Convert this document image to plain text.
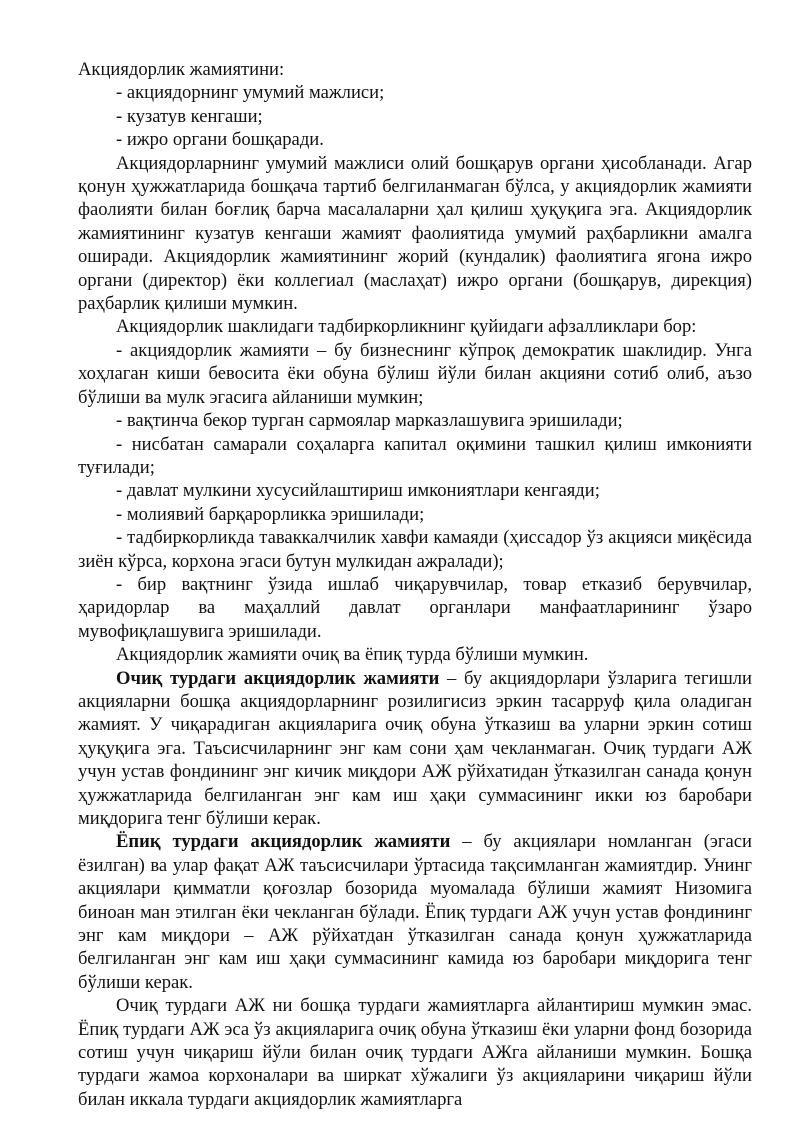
Акциядорлик жамиятини:

- акциядорнинг умумий мажлиси;

- кузатув кенгаши;

- ижро органи бошқаради.

Акциядорларнинг умумий мажлиси олий бошқарув органи ҳисобланади. Агар қонун ҳужжатларида бошқача тартиб белгиланмаган бўлса, у акциядорлик жамияти фаолияти билан боғлиқ барча масалаларни ҳал қилиш ҳуқуқига эга. Акциядорлик жамиятининг кузатув кенгаши жамият фаолиятида умумий раҳбарликни амалга оширади. Акциядорлик жамиятининг жорий (кундалик) фаолиятига ягона ижро органи (директор) ёки коллегиал (маслаҳат) ижро органи (бошқарув, дирекция) раҳбарлик қилиши мумкин.

Акциядорлик шаклидаги тадбиркорликнинг қуйидаги афзалликлари бор:

- акциядорлик жамияти – бу бизнеснинг кўпроқ демократик шаклидир. Унга хоҳлаган киши бевосита ёки обуна бўлиш йўли билан акцияни сотиб олиб, аъзо бўлиши ва мулк эгасига айланиши мумкин;

- вақтинча бекор турган сармоялар марказлашувига эришилади;

- нисбатан самарали соҳаларга капитал оқимини ташкил қилиш имконияти туғилади;

- давлат мулкини хусусийлаштириш имкониятлари кенгаяди;

- молиявий барқарорликка эришилади;

- тадбиркорликда таваккалчилик хавфи камаяди (ҳиссадор ўз акцияси миқёсида зиён кўрса, корхона эгаси бутун мулкидан ажралади);

- бир вақтнинг ўзида ишлаб чиқарувчилар, товар етказиб берувчилар, ҳаридорлар ва маҳаллий давлат органлари манфаатларининг ўзаро мувофиқлашувига эришилади.

Акциядорлик жамияти очиқ ва ёпиқ турда бўлиши мумкин.

Очиқ турдаги акциядорлик жамияти – бу акциядорлари ўзларига тегишли акцияларни бошқа акциядорларнинг розилигисиз эркин тасарруф қила оладиган жамият. У чиқарадиган акцияларига очиқ обуна ўтказиш ва уларни эркин сотиш ҳуқуқига эга. Таъсисчиларнинг энг кам сони ҳам чекланмаган. Очиқ турдаги АЖ учун устав фондининг энг кичик миқдори АЖ рўйхатидан ўтказилган санада қонун ҳужжатларида белгиланган энг кам иш ҳақи суммасининг икки юз баробари миқдорига тенг бўлиши керак.

Ёпиқ турдаги акциядорлик жамияти – бу акциялари номланган (эгаси ёзилган) ва улар фақат АЖ таъсисчилари ўртасида тақсимланган жамиятдир. Унинг акциялари қимматли қоғозлар бозорида муомалада бўлиши жамият Низомига биноан ман этилган ёки чекланган бўлади. Ёпиқ турдаги АЖ учун устав фондининг энг кам миқдори – АЖ рўйхатдан ўтказилган санада қонун ҳужжатларида белгиланган энг кам иш ҳақи суммасининг камида юз баробари миқдорига тенг бўлиши керак.

Очиқ турдаги АЖ ни бошқа турдаги жамиятларга айлантириш мумкин эмас. Ёпиқ турдаги АЖ эса ўз акцияларига очиқ обуна ўтказиш ёки уларни фонд бозорида сотиш учун чиқариш йўли билан очиқ турдаги АЖга айланиши мумкин. Бошқа турдаги жамоа корхоналари ва ширкат хўжалиги ўз акцияларини чиқариш йўли билан иккала турдаги акциядорлик жамиятларга
